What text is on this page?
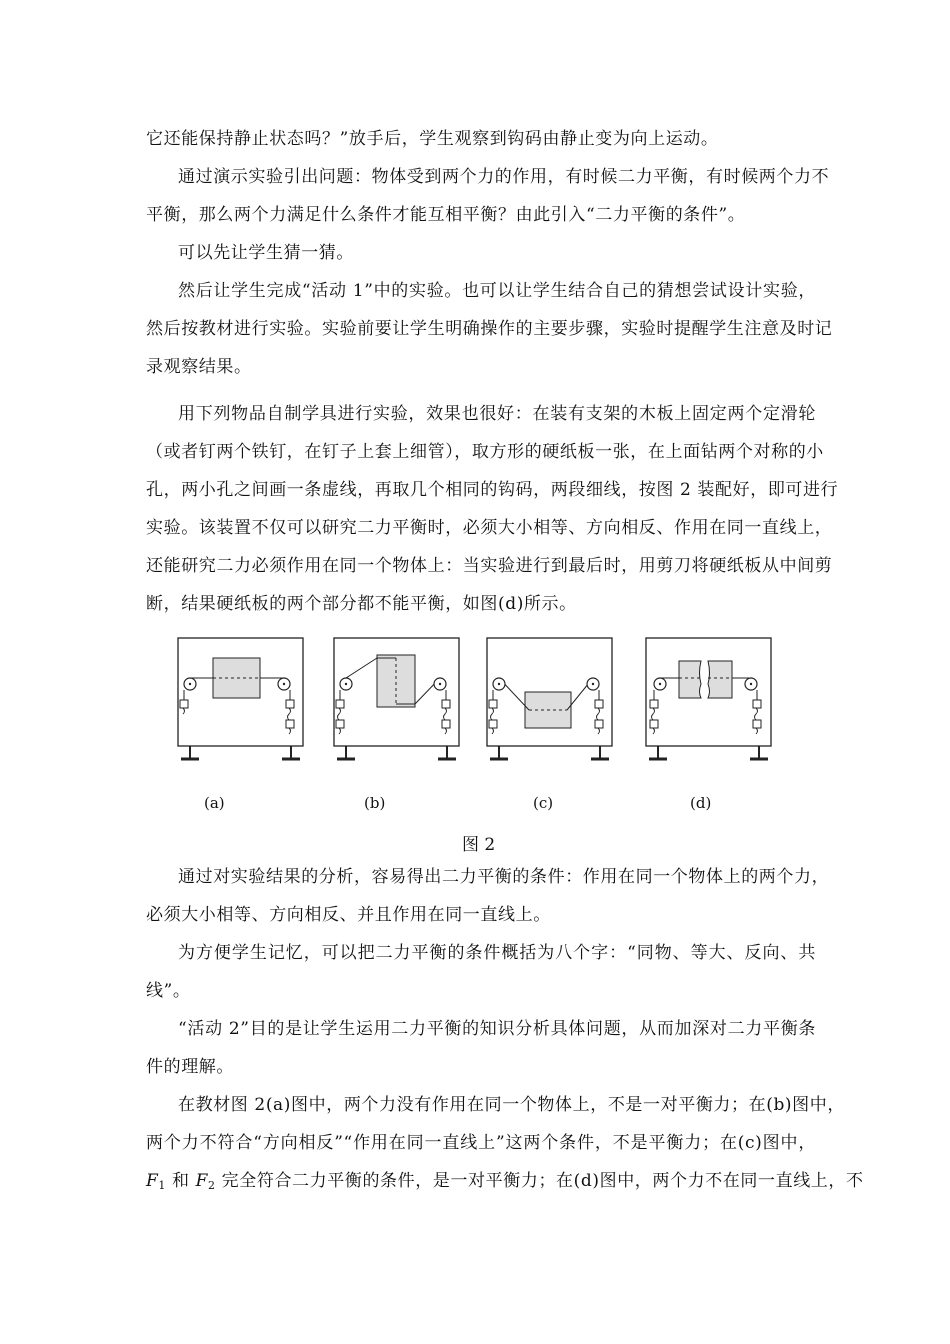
它还能保持静止状态吗？”放手后，学生观察到钩码由静止变为向上运动。
通过演示实验引出问题：物体受到两个力的作用，有时候二力平衡，有时候两个力不
平衡，那么两个力满足什么条件才能互相平衡？由此引入“二力平衡的条件”。
可以先让学生猜一猜。
然后让学生完成“活动 1”中的实验。也可以让学生结合自己的猜想尝试设计实验，
然后按教材进行实验。实验前要让学生明确操作的主要步骤，实验时提醒学生注意及时记
录观察结果。
用下列物品自制学具进行实验，效果也很好：在装有支架的木板上固定两个定滑轮
（或者钉两个铁钉，在钉子上套上细管），取方形的硬纸板一张，在上面钻两个对称的小
孔，两小孔之间画一条虚线，再取几个相同的钩码，两段细线，按图 2 装配好，即可进行
实验。该装置不仅可以研究二力平衡时，必须大小相等、方向相反、作用在同一直线上，
还能研究二力必须作用在同一个物体上：当实验进行到最后时，用剪刀将硬纸板从中间剪
断，结果硬纸板的两个部分都不能平衡，如图(d)所示。
(a)	(b)	(c)	(d)
图 2
通过对实验结果的分析，容易得出二力平衡的条件：作用在同一个物体上的两个力，
必须大小相等、方向相反、并且作用在同一直线上。
为方便学生记忆，可以把二力平衡的条件概括为八个字：“同物、等大、反向、共
线”。
“活动 2”目的是让学生运用二力平衡的知识分析具体问题，从而加深对二力平衡条
件的理解。
在教材图 2(a)图中，两个力没有作用在同一个物体上，不是一对平衡力；在(b)图中，
两个力不符合“方向相反”“作用在同一直线上”这两个条件，不是平衡力；在(c)图中，
$F_1$ 和 $F_2$ 完全符合二力平衡的条件，是一对平衡力；在(d)图中，两个力不在同一直线上，不
